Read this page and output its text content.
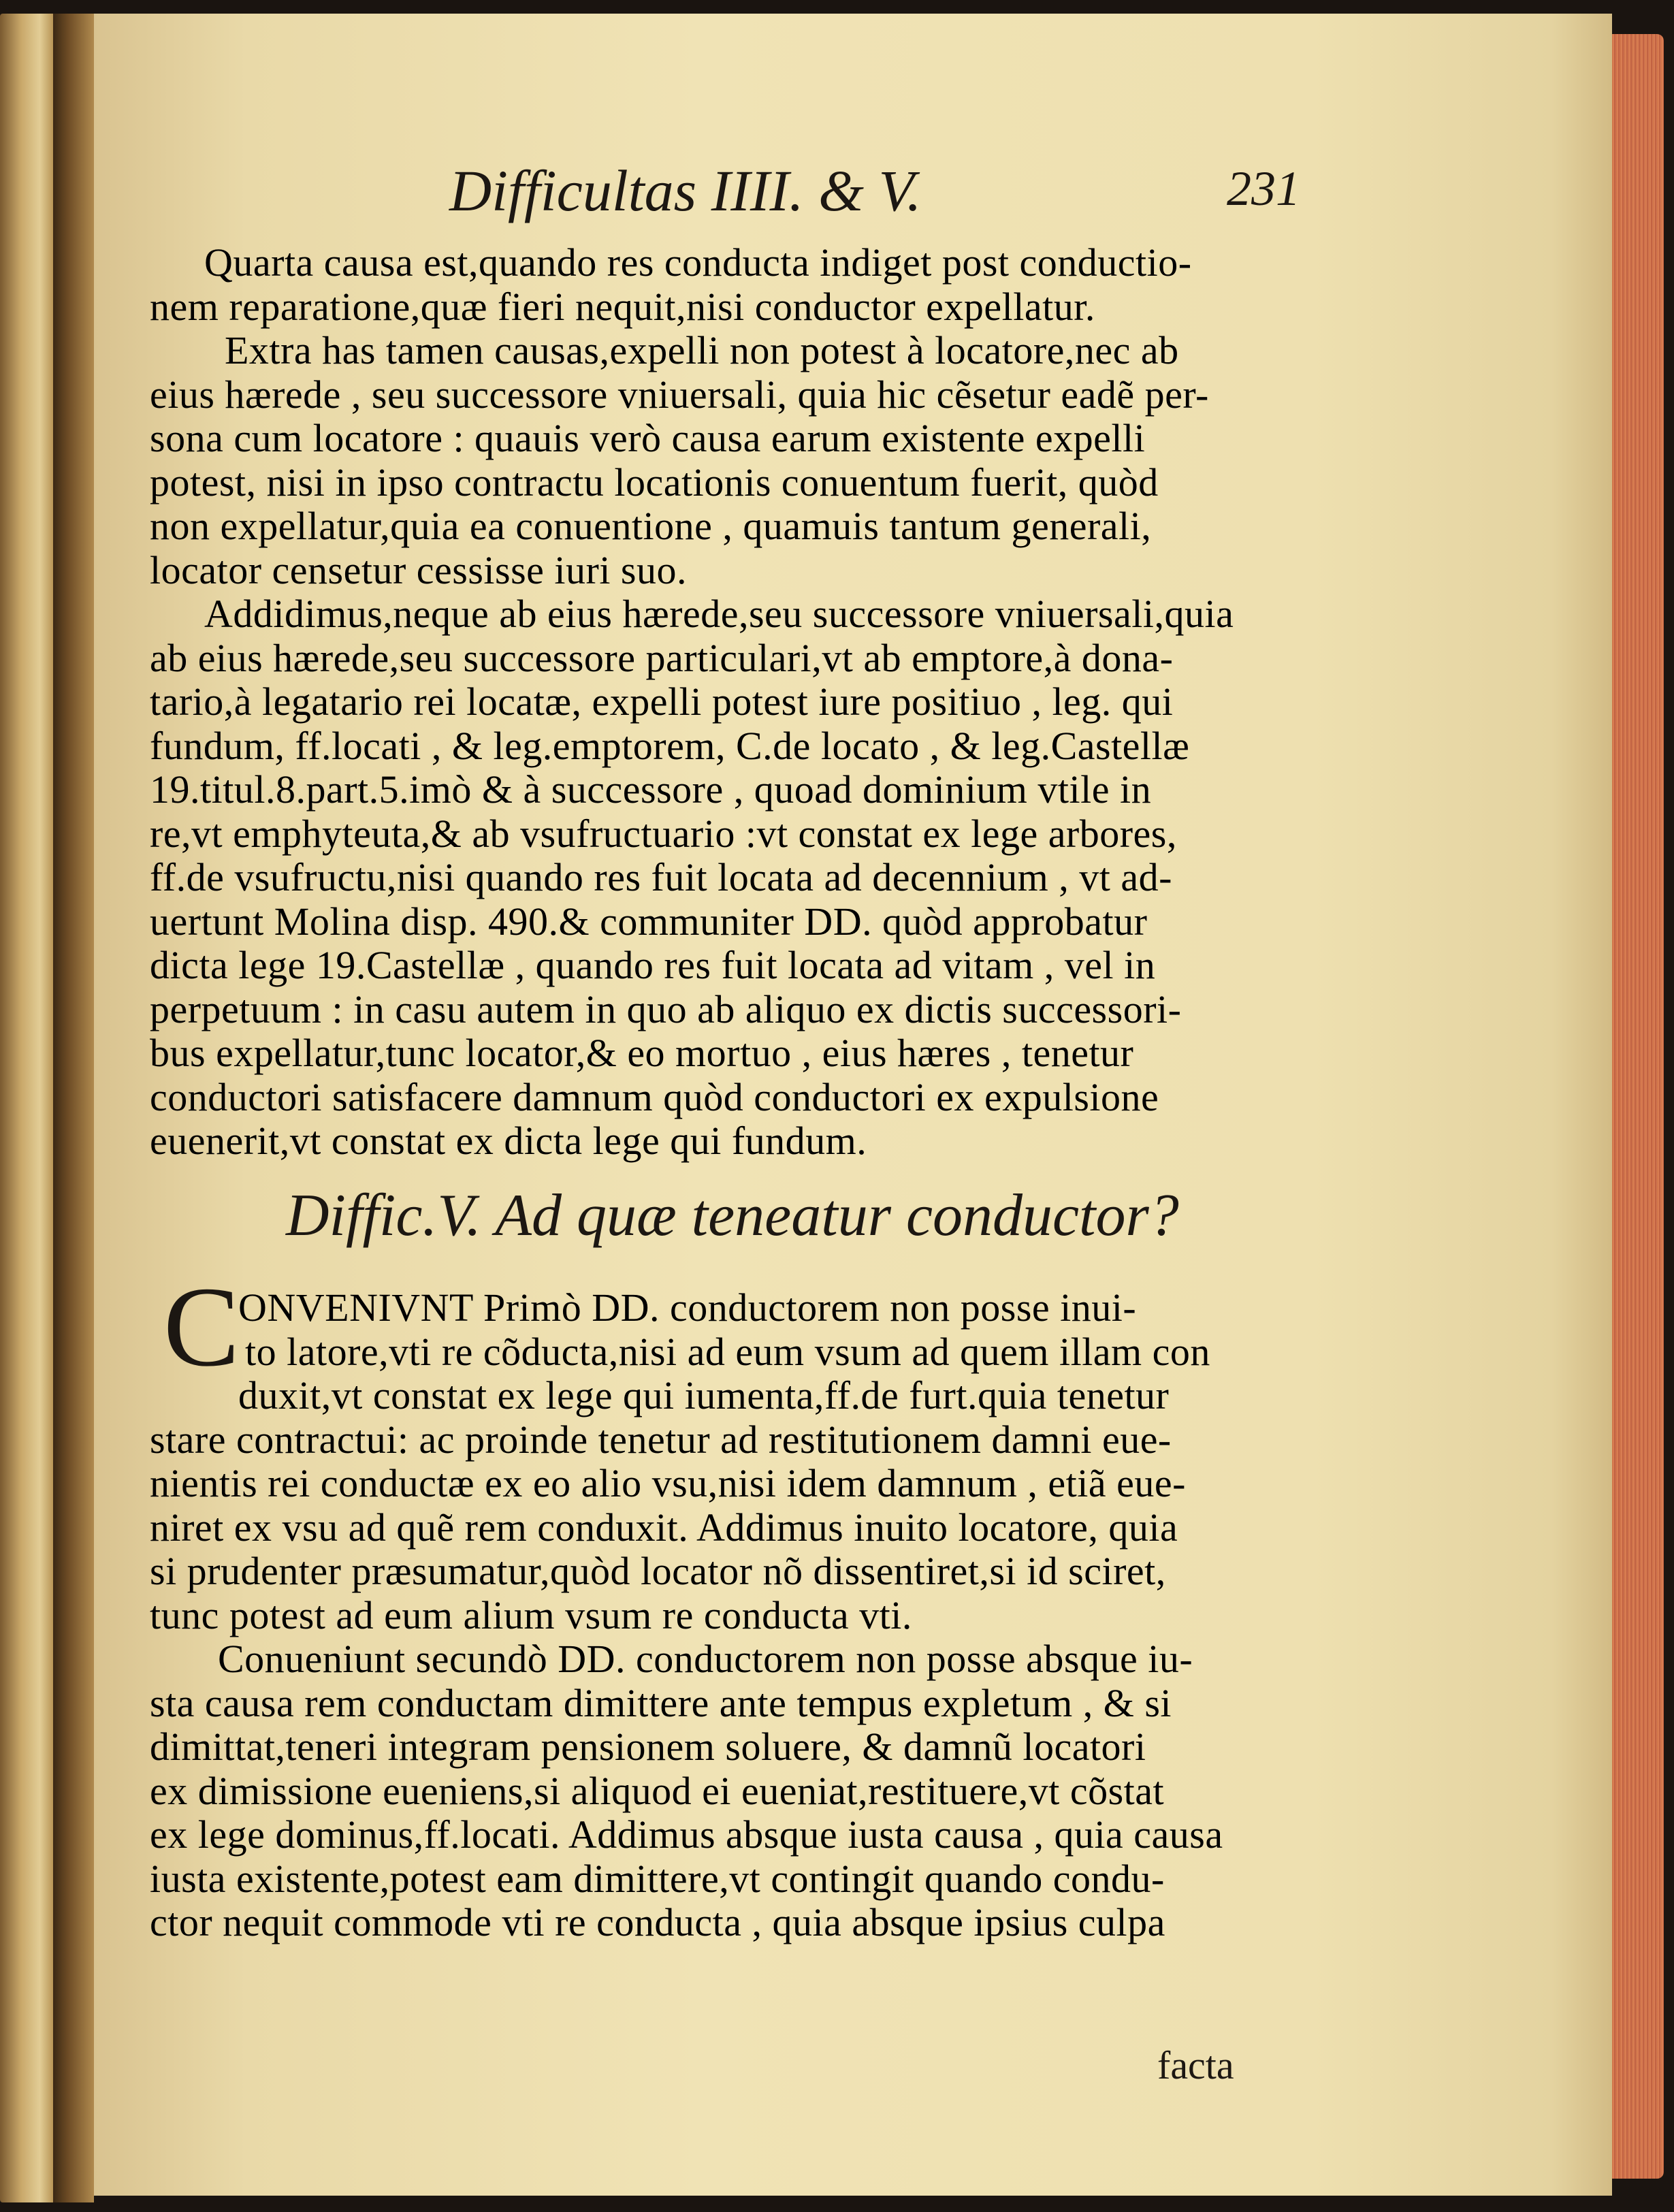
Difficultas IIII. & V.	231
Quarta causa est,quando res conducta indiget post conductio-
nem reparatione,quæ fieri nequit,nisi conductor expellatur.
Extra has tamen causas,expelli non potest à locatore,nec ab
eius hærede , seu successore vniuersali, quia hic cẽsetur eadẽ per-
sona cum locatore : quauis verò causa earum existente expelli
potest, nisi in ipso contractu locationis conuentum fuerit, quòd
non expellatur,quia ea conuentione , quamuis tantum generali,
locator censetur cessisse iuri suo.
Addidimus,neque ab eius hærede,seu successore vniuersali,quia
ab eius hærede,seu successore particulari,vt ab emptore,à dona-
tario,à legatario rei locatæ, expelli potest iure positiuo , leg. qui
fundum, ff.locati , & leg.emptorem, C.de locato , & leg.Castellæ
19.titul.8.part.5.imò & à successore , quoad dominium vtile in
re,vt emphyteuta,& ab vsufructuario :vt constat ex lege arbores,
ff.de vsufructu,nisi quando res fuit locata ad decennium , vt ad-
uertunt Molina disp. 490.& communiter DD. quòd approbatur
dicta lege 19.Castellæ , quando res fuit locata ad vitam , vel in
perpetuum : in casu autem in quo ab aliquo ex dictis successori-
bus expellatur,tunc locator,& eo mortuo , eius hæres , tenetur
conductori satisfacere damnum quòd conductori ex expulsione
euenerit,vt constat ex dicta lege qui fundum.
Diffic.V. Ad quæ teneatur conductor?
C
ONVENIVNT Primò DD. conductorem non posse inui-
to latore,vti re cõducta,nisi ad eum vsum ad quem illam con
duxit,vt constat ex lege qui iumenta,ff.de furt.quia tenetur
stare contractui: ac proinde tenetur ad restitutionem damni eue-
nientis rei conductæ ex eo alio vsu,nisi idem damnum , etiã eue-
niret ex vsu ad quẽ rem conduxit. Addimus inuito locatore, quia
si prudenter præsumatur,quòd locator nõ dissentiret,si id sciret,
tunc potest ad eum alium vsum re conducta vti.
Conueniunt secundò DD. conductorem non posse absque iu-
sta causa rem conductam dimittere ante tempus expletum , & si
dimittat,teneri integram pensionem soluere, & damnũ locatori
ex dimissione eueniens,si aliquod ei eueniat,restituere,vt cõstat
ex lege dominus,ff.locati. Addimus absque iusta causa , quia causa
iusta existente,potest eam dimittere,vt contingit quando condu-
ctor nequit commode vti re conducta , quia absque ipsius culpa
facta
